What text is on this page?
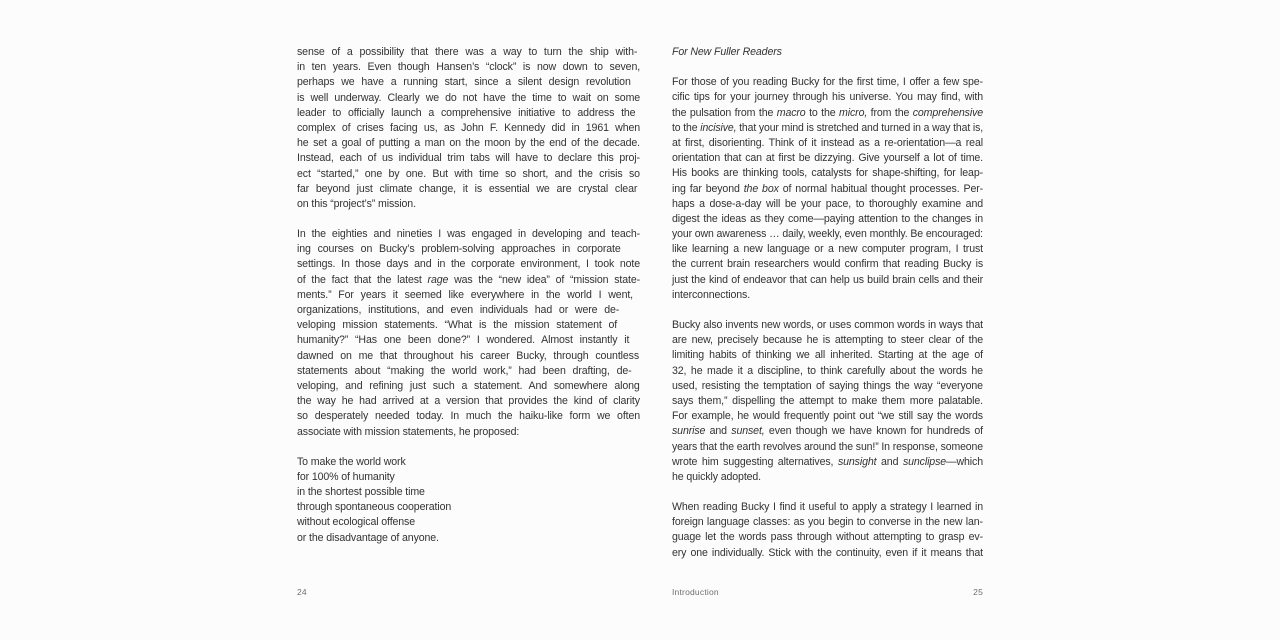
sense of a possibility that there was a way to turn the ship with-
in ten years. Even though Hansen’s “clock” is now down to seven,
perhaps we have a running start, since a silent design revolution
is well underway. Clearly we do not have the time to wait on some
leader to officially launch a comprehensive initiative to address the
complex of crises facing us, as John F. Kennedy did in 1961 when
he set a goal of putting a man on the moon by the end of the decade.
Instead, each of us individual trim tabs will have to declare this proj-
ect “started,” one by one. But with time so short, and the crisis so
far beyond just climate change, it is essential we are crystal clear
on this “project’s” mission.
In the eighties and nineties I was engaged in developing and teach-
ing courses on Bucky’s problem-solving approaches in corporate
settings. In those days and in the corporate environment, I took note
of the fact that the latest rage was the “new idea” of “mission state-
ments.” For years it seemed like everywhere in the world I went,
organizations, institutions, and even individuals had or were de-
veloping mission statements. “What is the mission statement of
humanity?” “Has one been done?” I wondered. Almost instantly it
dawned on me that throughout his career Bucky, through countless
statements about “making the world work,” had been drafting, de-
veloping, and refining just such a statement. And somewhere along
the way he had arrived at a version that provides the kind of clarity
so desperately needed today. In much the haiku-like form we often
associate with mission statements, he proposed:
To make the world work
for 100% of humanity
in the shortest possible time
through spontaneous cooperation
without ecological offense
or the disadvantage of anyone.
For New Fuller Readers
For those of you reading Bucky for the first time, I offer a few spe-
cific tips for your journey through his universe. You may find, with
the pulsation from the macro to the micro, from the comprehensive
to the incisive, that your mind is stretched and turned in a way that is,
at first, disorienting. Think of it instead as a re-orientation—a real
orientation that can at first be dizzying. Give yourself a lot of time.
His books are thinking tools, catalysts for shape-shifting, for leap-
ing far beyond the box of normal habitual thought processes. Per-
haps a dose-a-day will be your pace, to thoroughly examine and
digest the ideas as they come—paying attention to the changes in
your own awareness … daily, weekly, even monthly. Be encouraged:
like learning a new language or a new computer program, I trust
the current brain researchers would confirm that reading Bucky is
just the kind of endeavor that can help us build brain cells and their
interconnections.
Bucky also invents new words, or uses common words in ways that
are new, precisely because he is attempting to steer clear of the
limiting habits of thinking we all inherited. Starting at the age of
32, he made it a discipline, to think carefully about the words he
used, resisting the temptation of saying things the way “everyone
says them,” dispelling the attempt to make them more palatable.
For example, he would frequently point out “we still say the words
sunrise and sunset, even though we have known for hundreds of
years that the earth revolves around the sun!” In response, someone
wrote him suggesting alternatives, sunsight and sunclipse—which
he quickly adopted.
When reading Bucky I find it useful to apply a strategy I learned in
foreign language classes: as you begin to converse in the new lan-
guage let the words pass through without attempting to grasp ev-
ery one individually. Stick with the continuity, even if it means that
24	Introduction	25
